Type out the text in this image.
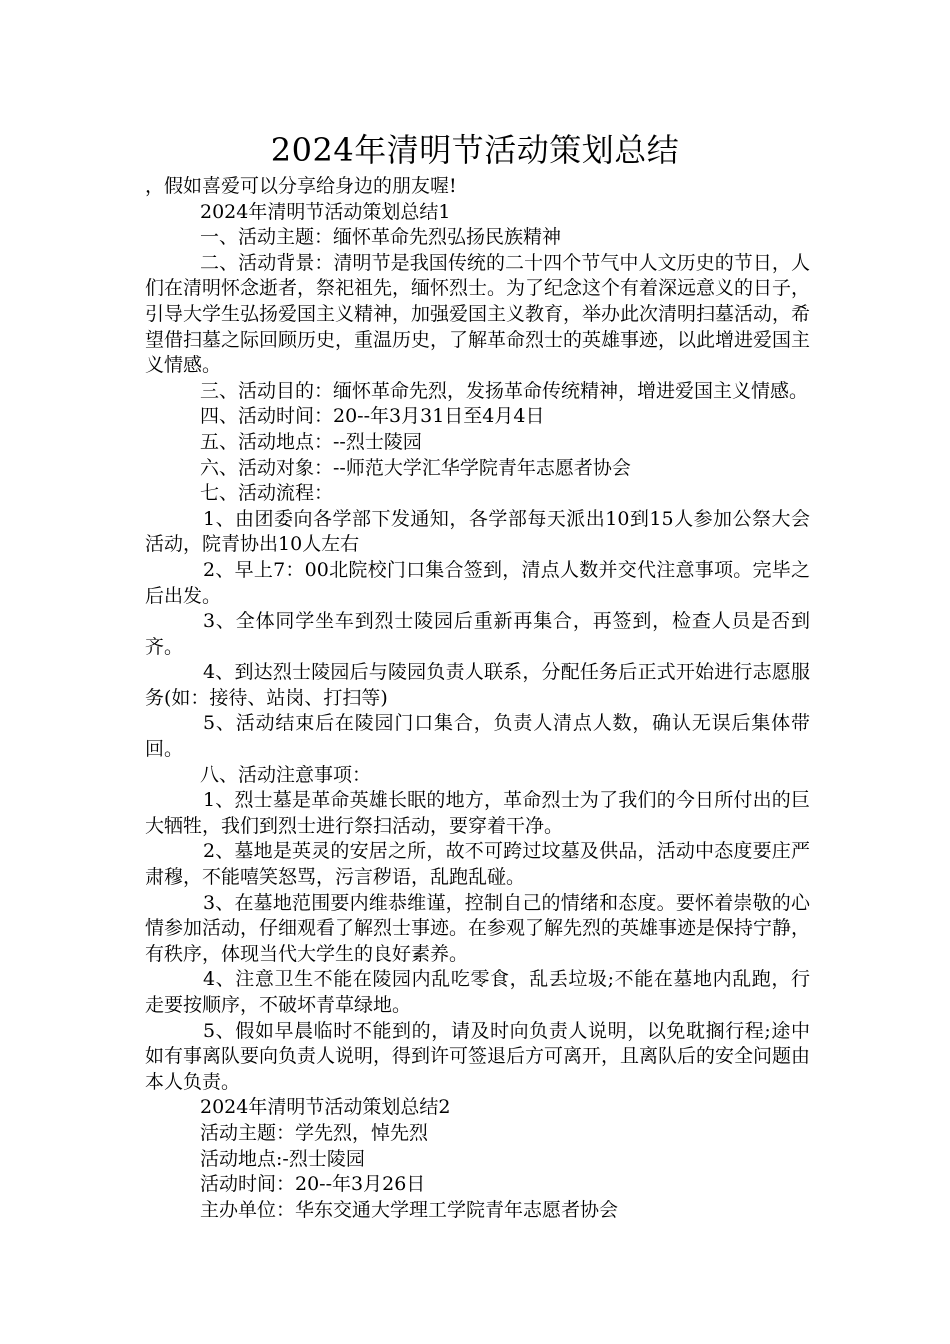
2024年清明节活动策划总结

，假如喜爱可以分享给身边的朋友喔!

2024年清明节活动策划总结1

一、活动主题：缅怀革命先烈弘扬民族精神

二、活动背景：清明节是我国传统的二十四个节气中人文历史的节日，人们在清明怀念逝者，祭祀祖先，缅怀烈士。为了纪念这个有着深远意义的日子，引导大学生弘扬爱国主义精神，加强爱国主义教育，举办此次清明扫墓活动，希望借扫墓之际回顾历史，重温历史，了解革命烈士的英雄事迹，以此增进爱国主义情感。

三、活动目的：缅怀革命先烈，发扬革命传统精神，增进爱国主义情感。

四、活动时间：20--年3月31日至4月4日

五、活动地点：--烈士陵园

六、活动对象：--师范大学汇华学院青年志愿者协会

七、活动流程：

1、由团委向各学部下发通知，各学部每天派出10到15人参加公祭大会活动，院青协出10人左右

2、早上7：00北院校门口集合签到，清点人数并交代注意事项。完毕之后出发。

3、全体同学坐车到烈士陵园后重新再集合，再签到，检查人员是否到齐。

4、到达烈士陵园后与陵园负责人联系，分配任务后正式开始进行志愿服务(如：接待、站岗、打扫等)

5、活动结束后在陵园门口集合，负责人清点人数，确认无误后集体带回。

八、活动注意事项：

1、烈士墓是革命英雄长眠的地方，革命烈士为了我们的今日所付出的巨大牺牲，我们到烈士进行祭扫活动，要穿着干净。

2、墓地是英灵的安居之所，故不可跨过坟墓及供品，活动中态度要庄严肃穆，不能嘻笑怒骂，污言秽语，乱跑乱碰。

3、在墓地范围要内维恭维谨，控制自己的情绪和态度。要怀着崇敬的心情参加活动，仔细观看了解烈士事迹。在参观了解先烈的英雄事迹是保持宁静，有秩序，体现当代大学生的良好素养。

4、注意卫生不能在陵园内乱吃零食，乱丢垃圾;不能在墓地内乱跑，行走要按顺序，不破坏青草绿地。

5、假如早晨临时不能到的，请及时向负责人说明，以免耽搁行程;途中如有事离队要向负责人说明，得到许可签退后方可离开，且离队后的安全问题由本人负责。

2024年清明节活动策划总结2

活动主题：学先烈，悼先烈

活动地点:-烈士陵园

活动时间：20--年3月26日

主办单位：华东交通大学理工学院青年志愿者协会
